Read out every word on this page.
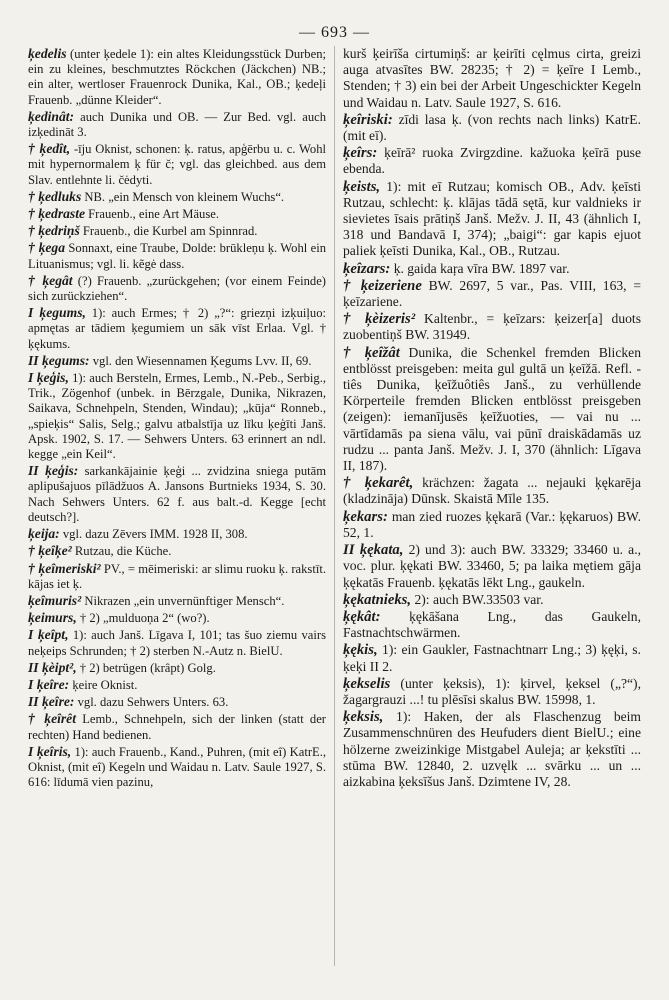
— 693 —
ķedelis (unter ķedele 1): ein altes Kleidungsstück Durben; ein zu kleines, beschmutztes Röckchen (Jäckchen) NB.; ein alter, wertloser Frauenrock Dunika, Kal., OB.; ķedeļi Frauenb. „dünne Kleider“.
ķedinât: auch Dunika und OB. — Zur Bed. vgl. auch izķedināt 3.
† ķedît, -īju Oknist, schonen: ķ. ratus, apģērbu u. c. Wohl mit hypernormalem ķ für č; vgl. das gleichbed. aus dem Slav. entlehnte li. čėdyti.
† ķedluks NB. „ein Mensch von kleinem Wuchs“.
† ķedraste Frauenb., eine Art Mäuse.
† ķedriņš Frauenb., die Kurbel am Spinnrad.
† ķega Sonnaxt, eine Traube, Dolde: brūkleņu ķ. Wohl ein Lituanismus; vgl. li. kẽgė dass.
† ķegât (?) Frauenb. „zurückgehen; (vor einem Feinde) sich zurückziehen“.
I ķegums, 1): auch Ermes; † 2) „?“: griezņi izķuiļuo: apmętas ar tādiem ķegumiem un sāk vīst Erlaa. Vgl. † ķękums.
II ķegums: vgl. den Wiesennamen Ķegums Lvv. II, 69.
I ķeģis, 1): auch Bersteln, Ermes, Lemb., N.-Peb., Serbig., Trik., Zögenhof (unbek. in Bērzgale, Dunika, Nikrazen, Saikava, Schnehpeln, Stenden, Windau); „kūja“ Ronneb., „spieķis“ Salis, Selg.; galvu atbalstīja uz līku ķeģīti Janš. Apsk. 1902, S. 17. — Sehwers Unters. 63 erinnert an ndl. kegge „ein Keil“.
II ķeģis: sarkankājainie ķeģi ... zvidzina sniega putām aplipušajuos pīlādžuos A. Jansons Burtnieks 1934, S. 30. Nach Sehwers Unters. 62 f. aus balt.-d. Kegge [echt deutsch?].
ķeija: vgl. dazu Zēvers IMM. 1928 II, 308.
† ķeîķe² Rutzau, die Küche.
† ķeîmeriski² PV., = mēimeriski: ar slimu ruoku ķ. rakstīt. kājas iet ķ.
ķeîmuris² Nikrazen „ein unvernünftiger Mensch“.
ķeimurs, † 2) „mulduoņa 2“ (wo?).
I ķeîpt, 1): auch Janš. Līgava I, 101; tas šuo ziemu vairs neķeips Schrunden; † 2) sterben N.-Autz n. BielU.
II ķèipt², † 2) betrügen (krâpt) Golg.
I ķeîre: ķeire Oknist.
II ķeîre: vgl. dazu Sehwers Unters. 63.
† ķeîrêt Lemb., Schnehpeln, sich der linken (statt der rechten) Hand bedienen.
I ķeîris, 1): auch Frauenb., Kand., Puhren, (mit eî) KatrE., Oknist, (mit eî) Kegeln und Waidau n. Latv. Saule 1927, S. 616: līdumā vien pazinu,
kurš ķeirīša cirtumiņš: ar ķeirīti cęlmus cirta, greizi auga atvasītes BW. 28235; † 2) = ķeīre I Lemb., Stenden; † 3) ein bei der Arbeit Ungeschickter Kegeln und Waidau n. Latv. Saule 1927, S. 616.
ķeîriski: zīdi lasa ķ. (von rechts nach links) KatrE. (mit eī).
ķeîrs: ķeīrā² ruoka Zvirgzdine. kažuoka ķeīrā puse ebenda.
ķeists, 1): mit eī Rutzau; komisch OB., Adv. ķeīsti Rutzau, schlecht: ķ. klājas tādā sętā, kur valdnieks ir sievietes īsais prātiņš Janš. Mežv. J. II, 43 (ähnlich I, 318 und Bandavā I, 374); „baigi“: gar kapis ejuot paliek ķeīsti Dunika, Kal., OB., Rutzau.
ķeîzars: ķ. gaida kaŗa vīra BW. 1897 var.
† ķeizeriene BW. 2697, 5 var., Pas. VIII, 163, = ķeīzariene.
† ķèizeris² Kaltenbr., = ķeīzars: ķeizer[a] duots zuobentiņš BW. 31949.
† ķeîžât Dunika, die Schenkel fremden Blicken entblösst preisgeben: meita gul gultā un ķeīžā. Refl. -tiês Dunika, ķeīžuôtiês Janš., zu verhüllende Körperteile fremden Blicken entblösst preisgeben (zeigen): iemanījusēs ķeīžuoties, — vai nu ... vārtīdamās pa siena vālu, vai pūnī draiskādamās uz rudzu ... panta Janš. Mežv. J. I, 370 (ähnlich: Līgava II, 187).
† ķekarêt, krächzen: žagata ... nejauki ķękarēja (kladzināja) Dūnsk. Skaistā Mīle 135.
ķekars: man zied ruozes ķękarā (Var.: ķękaruos) BW. 52, 1.
II ķękata, 2) und 3): auch BW. 33329; 33460 u. a., voc. plur. ķękati BW. 33460, 5; pa laika mętiem gāja ķękatās Frauenb. ķękatās lēkt Lng., gaukeln.
ķękatnieks, 2): auch BW.33503 var.
ķękât: ķękāšana Lng., das Gaukeln, Fastnachtschwärmen.
ķękis, 1): ein Gaukler, Fastnachtnarr Lng.; 3) ķęķi, s. ķeķi II 2.
ķekselis (unter ķeksis), 1): ķirvel, ķeksel („?“), žagargrauzi ...! tu plēsīsi skalus BW. 15998, 1.
ķeksis, 1): Haken, der als Flaschenzug beim Zusammenschnüren des Heufuders dient BielU.; eine hölzerne zweizinkige Mistgabel Auleja; ar ķekstīti ... stūma BW. 12840, 2. uzvęlk ... svārku ... un ... aizkabina ķeksīšus Janš. Dzimtene IV, 28.
